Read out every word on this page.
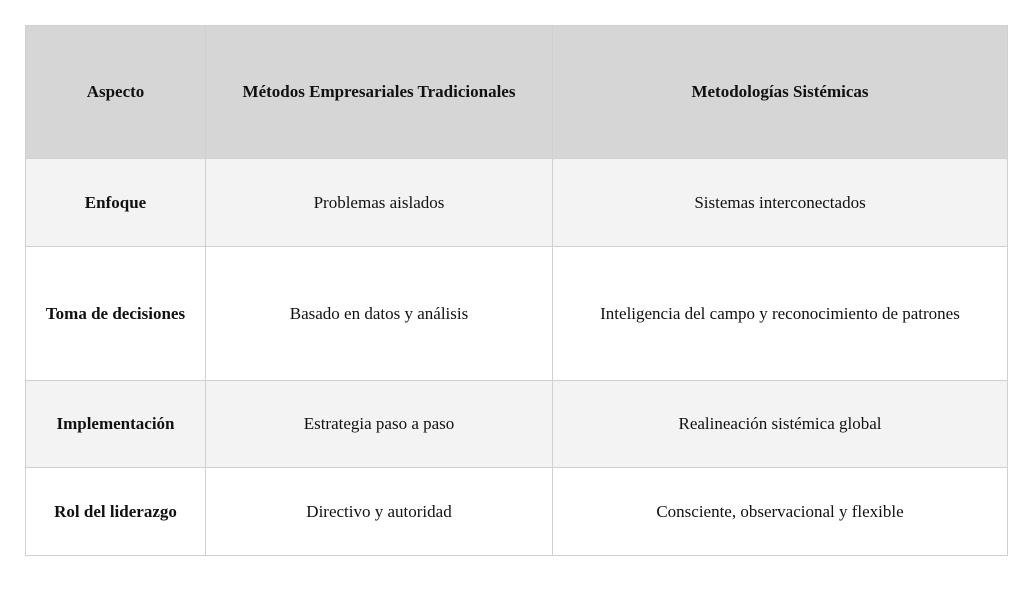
Aspecto	Métodos Empresariales Tradicionales	Metodologías Sistémicas
Enfoque	Problemas aislados	Sistemas interconectados
Toma de decisiones	Basado en datos y análisis	Inteligencia del campo y reconocimiento de patrones
Implementación	Estrategia paso a paso	Realineación sistémica global
Rol del liderazgo	Directivo y autoridad	Consciente, observacional y flexible
